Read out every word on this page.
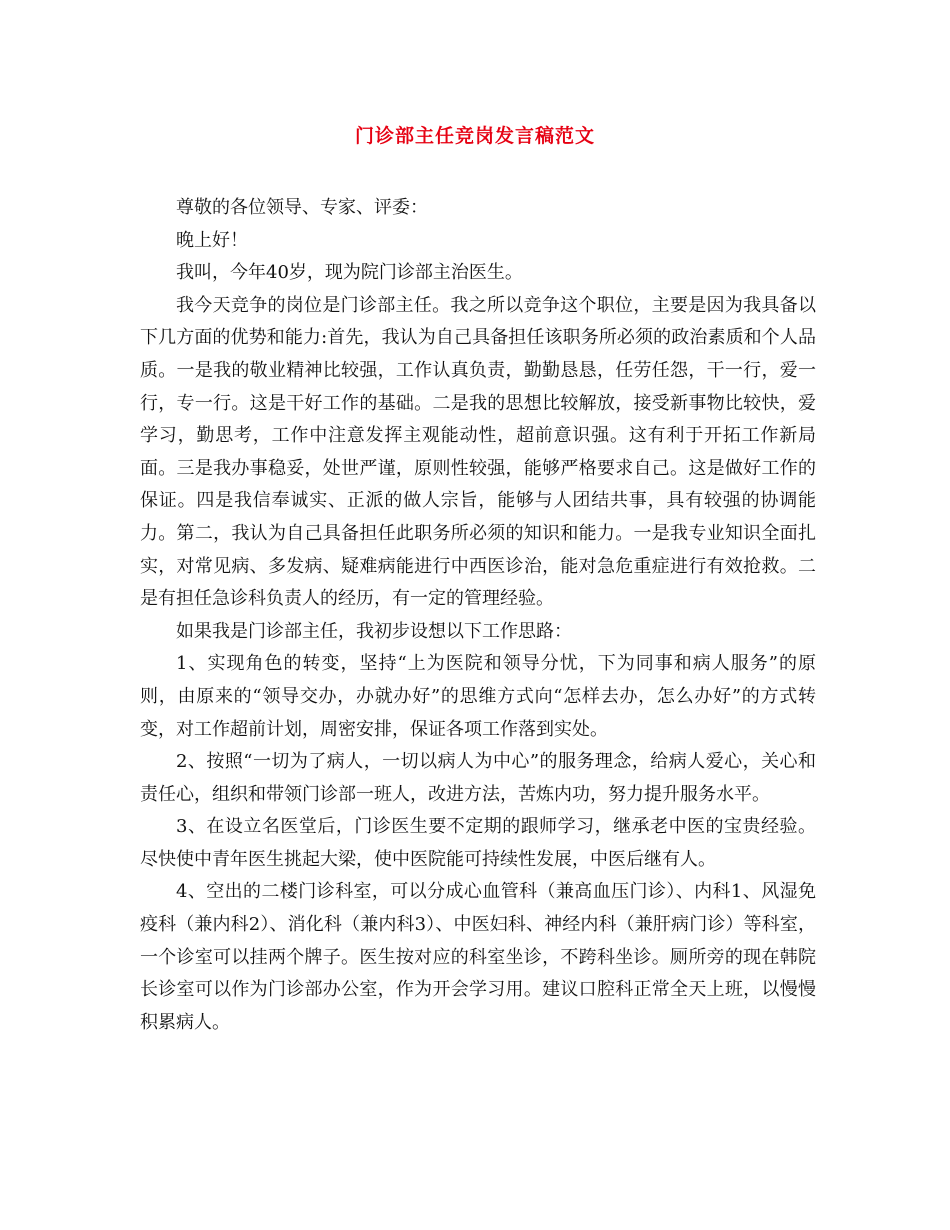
门诊部主任竞岗发言稿范文

尊敬的各位领导、专家、评委：

晚上好！

我叫，今年40岁，现为院门诊部主治医生。

我今天竞争的岗位是门诊部主任。我之所以竞争这个职位，主要是因为我具备以下几方面的优势和能力:首先，我认为自己具备担任该职务所必须的政治素质和个人品质。一是我的敬业精神比较强，工作认真负责，勤勤恳恳，任劳任怨，干一行，爱一行，专一行。这是干好工作的基础。二是我的思想比较解放，接受新事物比较快，爱学习，勤思考，工作中注意发挥主观能动性，超前意识强。这有利于开拓工作新局面。三是我办事稳妥，处世严谨，原则性较强，能够严格要求自己。这是做好工作的保证。四是我信奉诚实、正派的做人宗旨，能够与人团结共事，具有较强的协调能力。第二，我认为自己具备担任此职务所必须的知识和能力。一是我专业知识全面扎实，对常见病、多发病、疑难病能进行中西医诊治，能对急危重症进行有效抢救。二是有担任急诊科负责人的经历，有一定的管理经验。

如果我是门诊部主任，我初步设想以下工作思路：

1、实现角色的转变，坚持“上为医院和领导分忧，下为同事和病人服务”的原则，由原来的“领导交办，办就办好”的思维方式向“怎样去办，怎么办好”的方式转变，对工作超前计划，周密安排，保证各项工作落到实处。

2、按照“一切为了病人，一切以病人为中心”的服务理念，给病人爱心，关心和责任心，组织和带领门诊部一班人，改进方法，苦炼内功，努力提升服务水平。

3、在设立名医堂后，门诊医生要不定期的跟师学习，继承老中医的宝贵经验。尽快使中青年医生挑起大梁，使中医院能可持续性发展，中医后继有人。

4、空出的二楼门诊科室，可以分成心血管科（兼高血压门诊）、内科1、风湿免疫科（兼内科2）、消化科（兼内科3）、中医妇科、神经内科（兼肝病门诊）等科室，一个诊室可以挂两个牌子。医生按对应的科室坐诊，不跨科坐诊。厕所旁的现在韩院长诊室可以作为门诊部办公室，作为开会学习用。建议口腔科正常全天上班，以慢慢积累病人。
